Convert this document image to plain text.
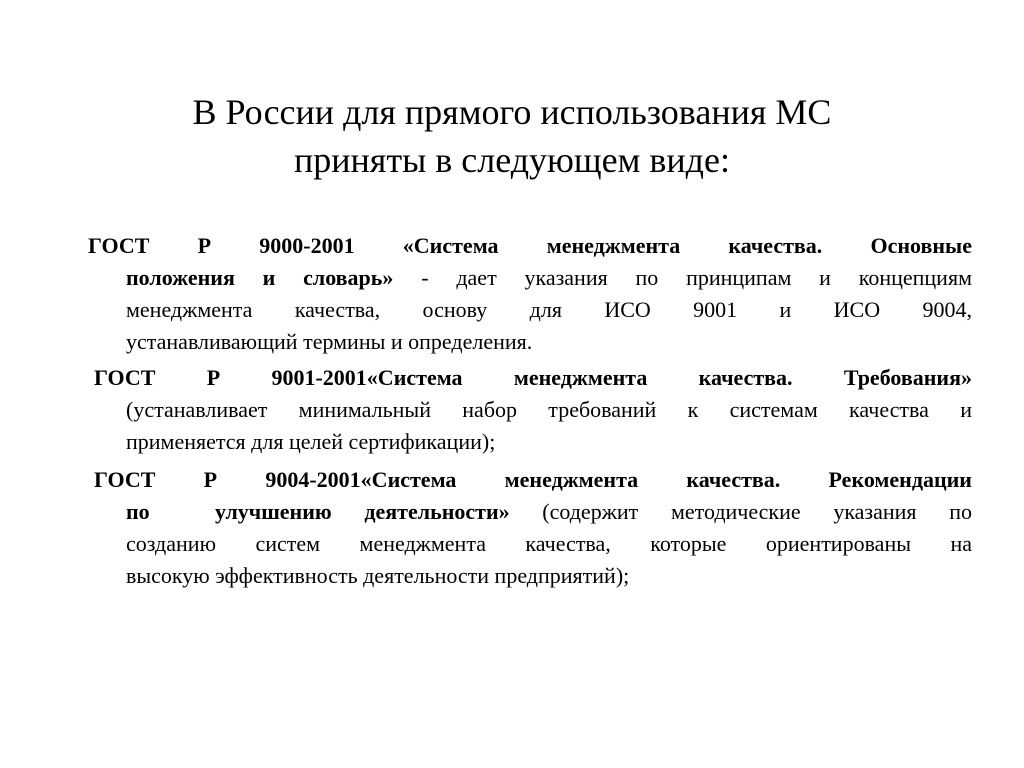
В России для прямого использования МС
приняты в следующем виде:
ГОСТ Р 9000-2001 «Система менеджмента качества. Основные
положения и словарь» - дает указания по принципам и концепциям
менеджмента качества, основу для ИСО 9001 и ИСО 9004,
устанавливающий термины и определения.
ГОСТ Р 9001-2001«Система менеджмента качества. Требования»
(устанавливает минимальный набор требований к системам качества и
применяется для целей сертификации);
ГОСТ Р 9004-2001«Система менеджмента качества. Рекомендации
по  улучшению деятельности» (содержит методические указания по
созданию систем менеджмента качества, которые ориентированы на
высокую эффективность деятельности предприятий);
